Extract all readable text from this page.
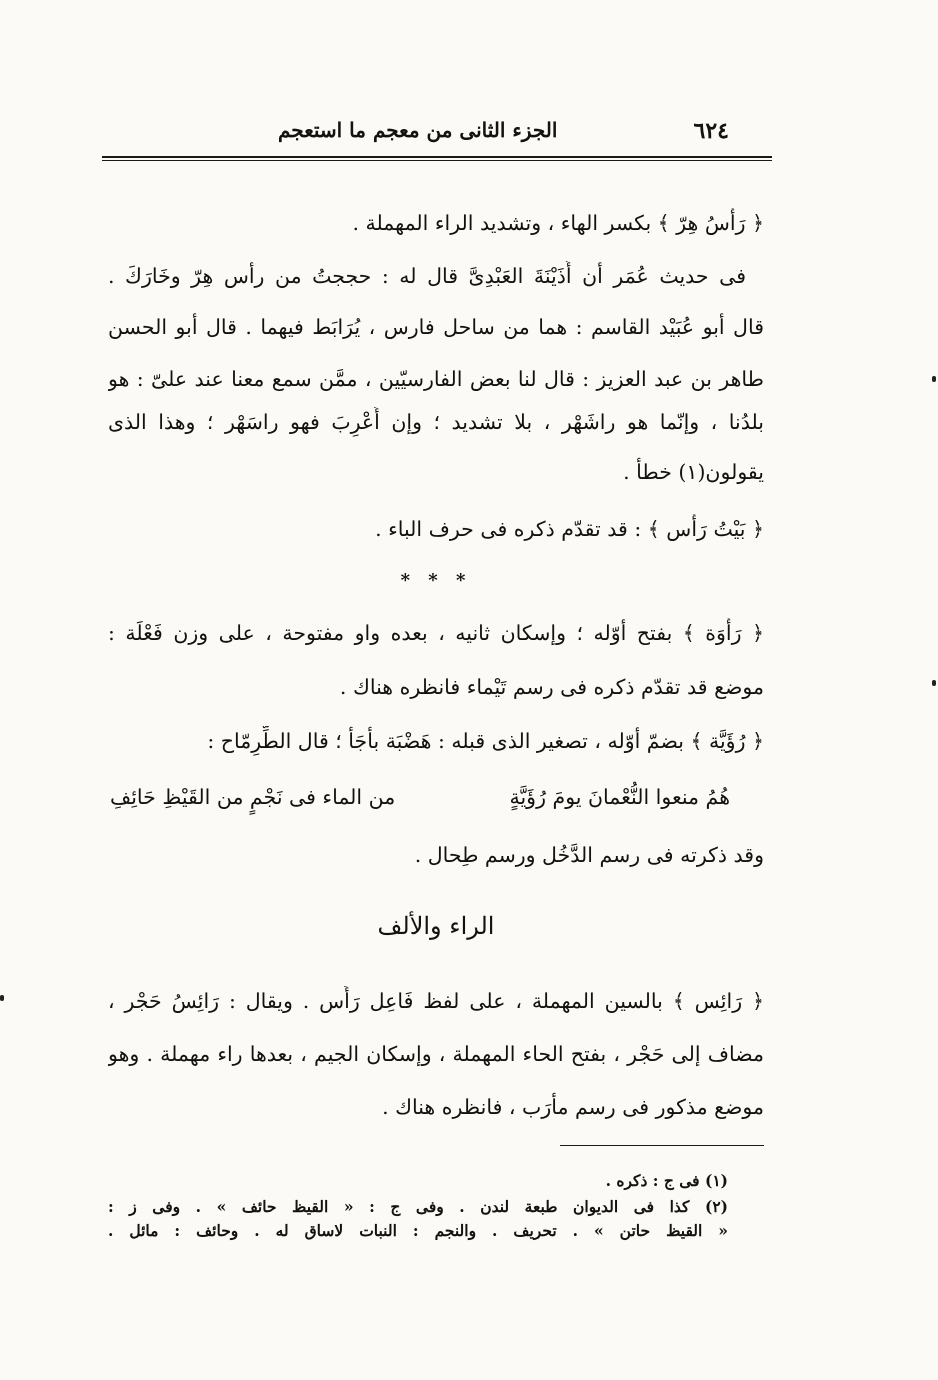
٦٢٤
الجزء الثانى من معجم ما استعجم
﴿ رَأْسُ هِرّ ﴾ بكسر الهاء ، وتشديد الراء المهملة .
فى حديث عُمَر أن أُذَيْنَةَ العَبْدِىَّ قال له : حججتُ من رأس هِرّ وخَارَكَ .
قال أبو عُبَيْد القاسم : هما من ساحل فارس ، يُرَابَط فيهما . قال أبو الحسن
طاهر بن عبد العزيز : قال لنا بعض الفارسيّين ، ممَّن سمع معنا عند علىّ : هو
بلدُنا ، وإنّما هو راشَهْر ، بلا تشديد ؛ وإن أُعْرِبَ فهو راسَهْر ؛ وهذا الذى
يقولون(١) خطأ .
﴿ بَيْتُ رَأْس ﴾ : قد تقدّم ذكره فى حرف الباء .
* * *
﴿ رَأْوَة ﴾ بفتح أوّله ؛ وإسكان ثانيه ، بعده واو مفتوحة ، على وزن فَعْلَة :
موضع قد تقدّم ذكره فى رسم تَيْماء فانظره هناك .
﴿ رُؤَيَّة ﴾ بضمّ أوّله ، تصغير الذى قبله : هَضْبَة بأَجَأ ؛ قال الطِّرِمّاح :
هُمُ منعوا النُّعْمانَ يومَ رُؤَيَّةٍ
من الماء فى نَجْمٍ من القَيْظِ حَائِفِ
وقد ذكرته فى رسم الدَّخُل ورسم طِحال .
الراء والألف
﴿ رَائِس ﴾ بالسين المهملة ، على لفظ فَاعِل رَأَس . ويقال : رَائِسُ حَجْر ،
مضاف إلى حَجْر ، بفتح الحاء المهملة ، وإسكان الجيم ، بعدها راء مهملة . وهو
موضع مذكور فى رسم مأرَب ، فانظره هناك .
(١) فى ج : ذكره .
(٢) كذا فى الديوان طبعة لندن . وفى ج : « القيظ حائف » . وفى ز :
« القيظ حاتن » . تحريف . والنجم : النبات لاساق له . وحائف : مائل .
